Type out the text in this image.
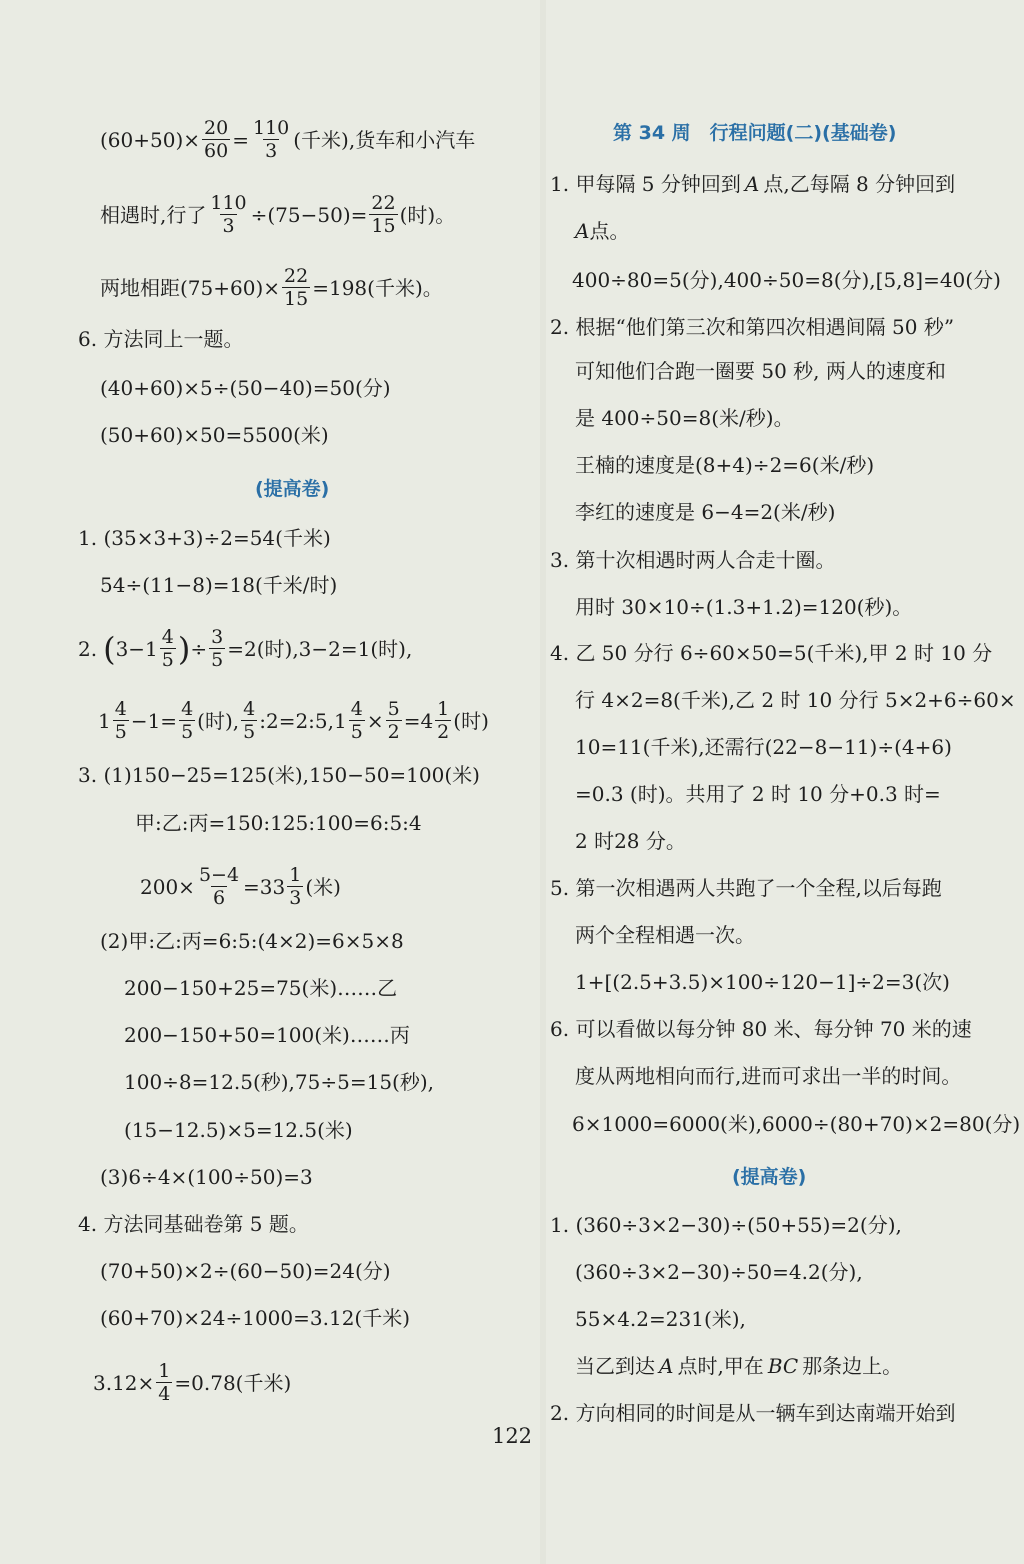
$(60+50)\times \frac{20}{60} = \frac{110}{3}$ (千米),货车和小汽车
相遇时,行了 $\frac{110}{3} \div(75-50)= \frac{22}{15}$ (时)。
两地相距$(75+60)\times \frac{22}{15} =198$(千米)。
6. 方法同上一题。
(40+60)×5÷(50−40)=50(分)
(50+60)×50=5500(米)
(提高卷)
1. (35×3+3)÷2=54(千米)
54÷(11−8)=18(千米/时)
2. ( $3-1 \frac{4}{5}$ ) ÷ $\frac{3}{5} =2$(时),3−2=1(时),
$1 \frac{4}{5} -1= \frac{4}{5}$ (时), $\frac{4}{5}$ :2=2:5,1 $\frac{4}{5} \times \frac{5}{2} =4 \frac{1}{2}$ (时)
3. (1)150−25=125(米),150−50=100(米)
甲:乙:丙=150:125:100=6:5:4
$200\times \frac{5-4}{6} =33 \frac{1}{3}$ (米)
(2)甲:乙:丙=6:5:(4×2)=6×5×8
200−150+25=75(米)……乙
200−150+50=100(米)……丙
100÷8=12.5(秒),75÷5=15(秒),
(15−12.5)×5=12.5(米)
(3)6÷4×(100÷50)=3
4. 方法同基础卷第 5 题。
(70+50)×2÷(60−50)=24(分)
(60+70)×24÷1000=3.12(千米)
$3.12\times \frac{1}{4} =0.78$(千米)
第 34 周　行程问题(二)(基础卷)
1. 甲每隔 5 分钟回到 A 点,乙每隔 8 分钟回到
A 点。
400÷80=5(分),400÷50=8(分),[5,8]=40(分)
2. 根据“他们第三次和第四次相遇间隔 50 秒”
可知他们合跑一圈要 50 秒, 两人的速度和
是 400÷50=8(米/秒)。
王楠的速度是(8+4)÷2=6(米/秒)
李红的速度是 6−4=2(米/秒)
3. 第十次相遇时两人合走十圈。
用时 30×10÷(1.3+1.2)=120(秒)。
4. 乙 50 分行 6÷60×50=5(千米),甲 2 时 10 分
行 4×2=8(千米),乙 2 时 10 分行 5×2+6÷60×
10=11(千米),还需行(22−8−11)÷(4+6)
=0.3 (时)。共用了 2 时 10 分+0.3 时=
2 时28 分。
5. 第一次相遇两人共跑了一个全程,以后每跑
两个全程相遇一次。
1+[(2.5+3.5)×100÷120−1]÷2=3(次)
6. 可以看做以每分钟 80 米、每分钟 70 米的速
度从两地相向而行,进而可求出一半的时间。
6×1000=6000(米),6000÷(80+70)×2=80(分)
(提高卷)
1. (360÷3×2−30)÷(50+55)=2(分),
(360÷3×2−30)÷50=4.2(分),
55×4.2=231(米),
当乙到达 A 点时,甲在 BC 那条边上。
2. 方向相同的时间是从一辆车到达南端开始到
122
